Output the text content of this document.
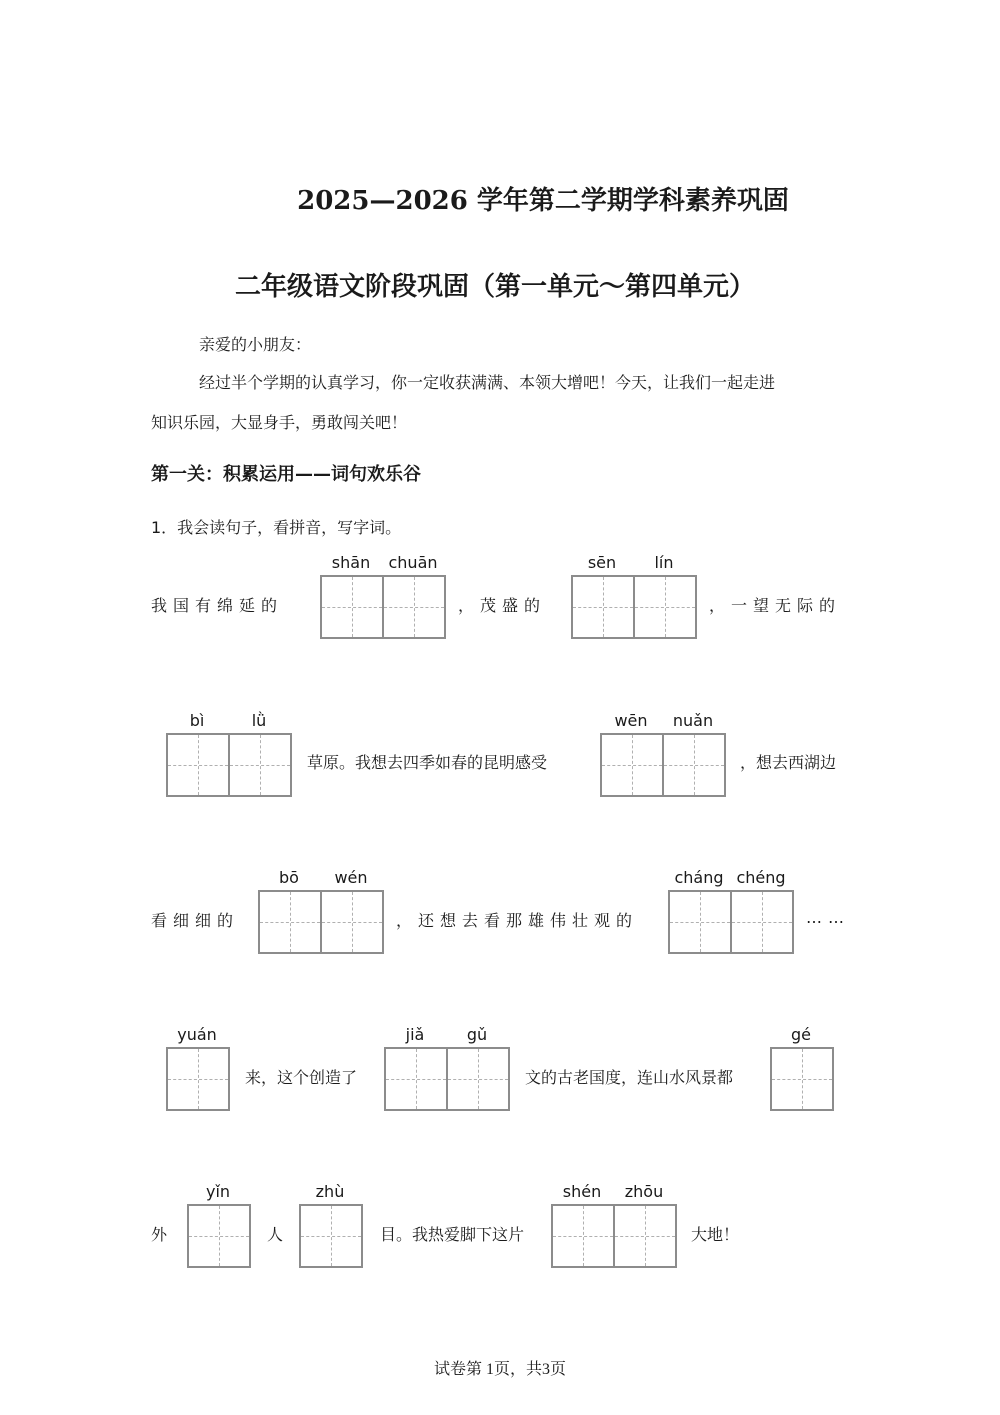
2025—2026 学年第二学期学科素养巩固
二年级语文阶段巩固（第一单元～第四单元）
亲爱的小朋友：
经过半个学期的认真学习，你一定收获满满、本领大增吧！今天，让我们一起走进
知识乐园，大显身手，勇敢闯关吧！
第一关：积累运用——词句欢乐谷
1．我会读句子，看拼音，写字词。
我国有绵延的
shān	chuān
，茂盛的
sēn	lín
，一望无际的
bì	lǜ
草原。我想去四季如春的昆明感受
wēn	nuǎn
，想去西湖边
看细细的
bō	wén
，还想去看那雄伟壮观的
cháng chéng
……
yuán
来，这个创造了
jiǎ	gǔ
文的古老国度，连山水风景都
gé
外
yǐn
人
zhù
目。我热爱脚下这片
shén	zhōu
大地！
试卷第 1页，共3页
